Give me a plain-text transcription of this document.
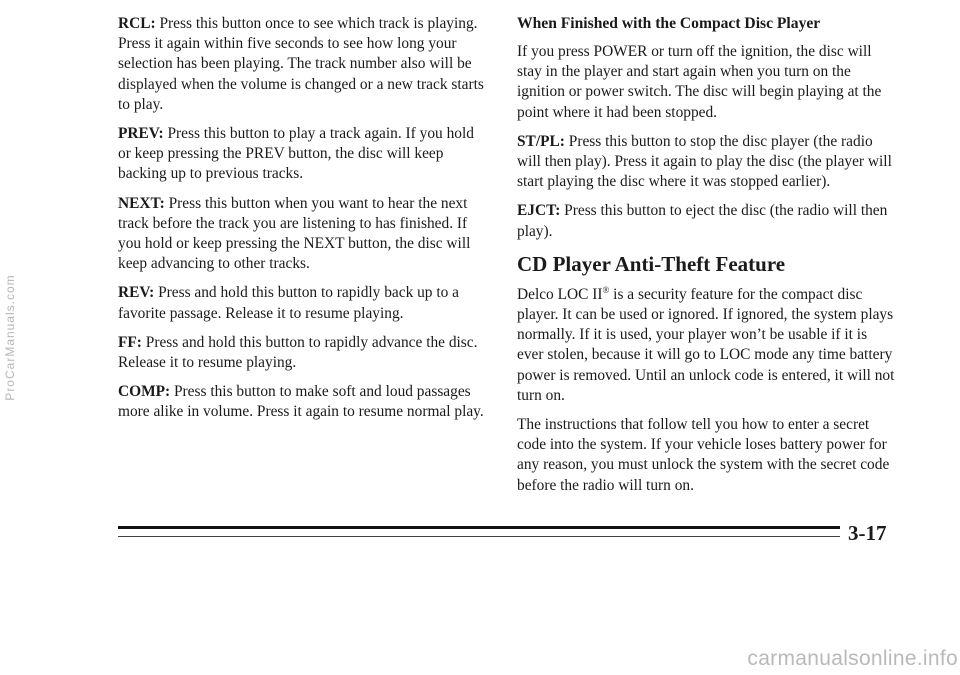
RCL: Press this button once to see which track is playing. Press it again within five seconds to see how long your selection has been playing. The track number also will be displayed when the volume is changed or a new track starts to play.

PREV: Press this button to play a track again. If you hold or keep pressing the PREV button, the disc will keep backing up to previous tracks.

NEXT: Press this button when you want to hear the next track before the track you are listening to has finished. If you hold or keep pressing the NEXT button, the disc will keep advancing to other tracks.

REV: Press and hold this button to rapidly back up to a favorite passage. Release it to resume playing.

FF: Press and hold this button to rapidly advance the disc. Release it to resume playing.

COMP: Press this button to make soft and loud passages more alike in volume. Press it again to resume normal play.

When Finished with the Compact Disc Player

If you press POWER or turn off the ignition, the disc will stay in the player and start again when you turn on the ignition or power switch. The disc will begin playing at the point where it had been stopped.

ST/PL: Press this button to stop the disc player (the radio will then play). Press it again to play the disc (the player will start playing the disc where it was stopped earlier).

EJCT: Press this button to eject the disc (the radio will then play).

CD Player Anti-Theft Feature

Delco LOC II® is a security feature for the compact disc player. It can be used or ignored. If ignored, the system plays normally. If it is used, your player won’t be usable if it is ever stolen, because it will go to LOC mode any time battery power is removed. Until an unlock code is entered, it will not turn on.

The instructions that follow tell you how to enter a secret code into the system. If your vehicle loses battery power for any reason, you must unlock the system with the secret code before the radio will turn on.

3-17
ProCarManuals.com
carmanualsonline.info
